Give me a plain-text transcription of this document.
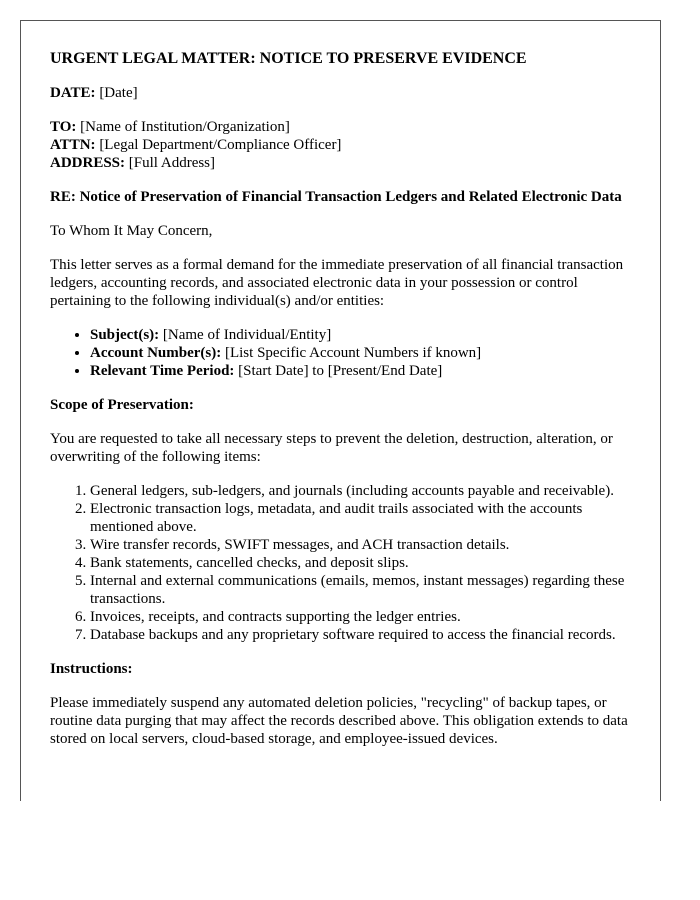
URGENT LEGAL MATTER: NOTICE TO PRESERVE EVIDENCE

DATE: [Date]

TO: [Name of Institution/Organization]

ATTN: [Legal Department/Compliance Officer]

ADDRESS: [Full Address]

RE: Notice of Preservation of Financial Transaction Ledgers and Related Electronic Data

To Whom It May Concern,

This letter serves as a formal demand for the immediate preservation of all financial transaction ledgers, accounting records, and associated electronic data in your possession or control pertaining to the following individual(s) and/or entities:

• Subject(s): [Name of Individual/Entity]
• Account Number(s): [List Specific Account Numbers if known]
• Relevant Time Period: [Start Date] to [Present/End Date]

Scope of Preservation:

You are requested to take all necessary steps to prevent the deletion, destruction, alteration, or overwriting of the following items:

1. General ledgers, sub-ledgers, and journals (including accounts payable and receivable).
2. Electronic transaction logs, metadata, and audit trails associated with the accounts mentioned above.
3. Wire transfer records, SWIFT messages, and ACH transaction details.
4. Bank statements, cancelled checks, and deposit slips.
5. Internal and external communications (emails, memos, instant messages) regarding these transactions.
6. Invoices, receipts, and contracts supporting the ledger entries.
7. Database backups and any proprietary software required to access the financial records.

Instructions:

Please immediately suspend any automated deletion policies, "recycling" of backup tapes, or routine data purging that may affect the records described above. This obligation extends to data stored on local servers, cloud-based storage, and employee-issued devices.
